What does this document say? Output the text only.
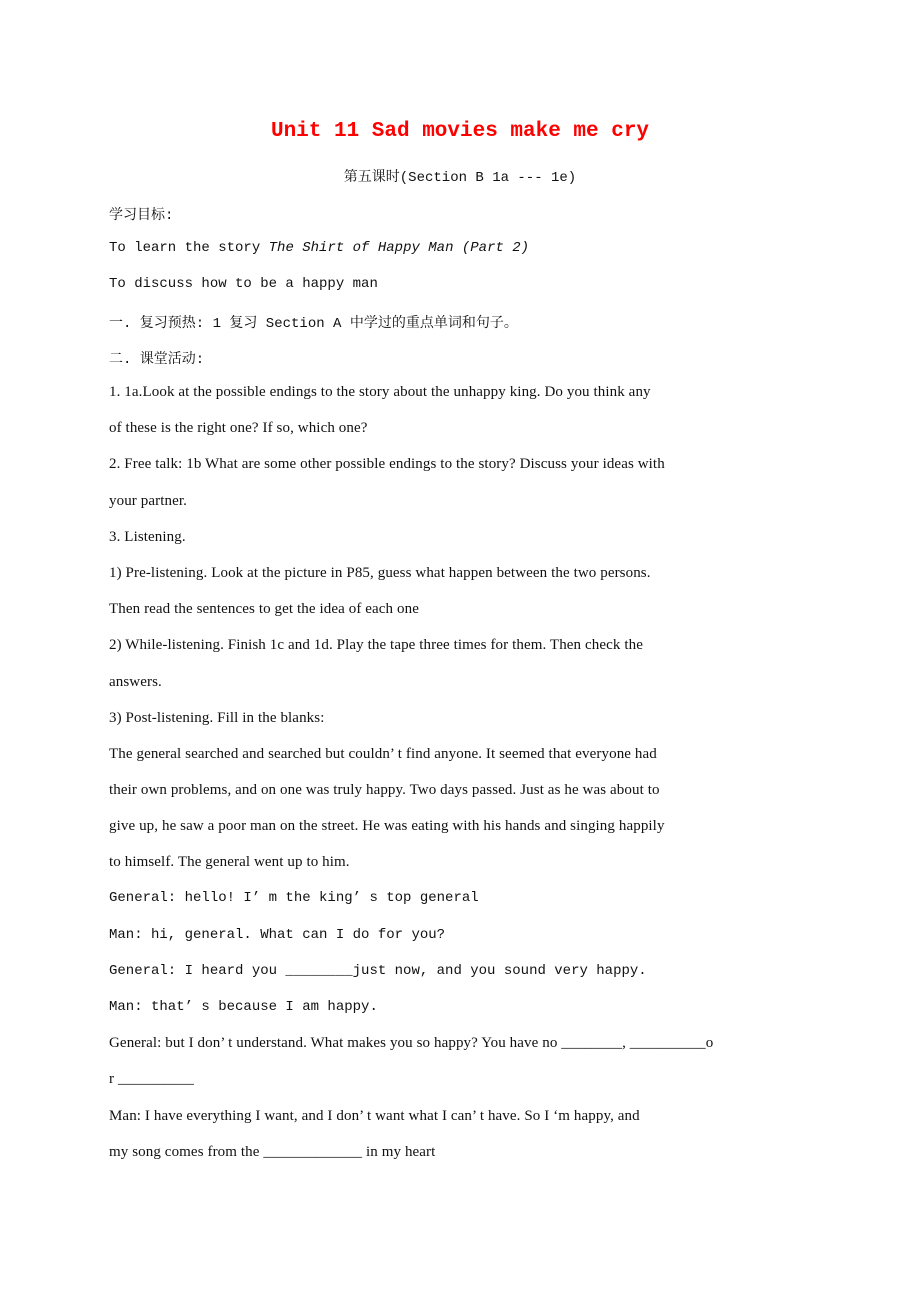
Unit 11 Sad movies make me cry
第五课时(Section B 1a --- 1e)
学习目标:
To learn the story The Shirt of Happy Man (Part 2)
To discuss how to be a happy man
一. 复习预热: 1 复习 Section A 中学过的重点单词和句子。
二. 课堂活动:
1. 1a.Look at the possible endings to the story about the unhappy king. Do you think any
of these is the right one? If so, which one?
2. Free talk: 1b What are some other possible endings to the story? Discuss your ideas with
your partner.
3. Listening.
1) Pre-listening. Look at the picture in P85, guess what happen between the two persons.
Then read the sentences to get the idea of each one
2) While-listening. Finish 1c and 1d. Play the tape three times for them. Then check the
answers.
3) Post-listening. Fill in the blanks:
The general searched and searched but couldn’ t find anyone. It seemed that everyone had
their own problems, and on one was truly happy. Two days passed. Just as he was about to
give up, he saw a poor man on the street. He was eating with his hands and singing happily
to himself. The general went up to him.
General: hello! I’ m the king’ s top general
Man: hi, general. What can I do for you?
General: I heard you ________just now, and you sound very happy.
Man: that’ s because I am happy.
General: but I don’ t understand. What makes you so happy? You have no ________, __________o
r __________
Man: I have everything I want, and I don’ t want what I can’ t have. So I ‘m happy, and
my song comes from the _____________ in my heart
